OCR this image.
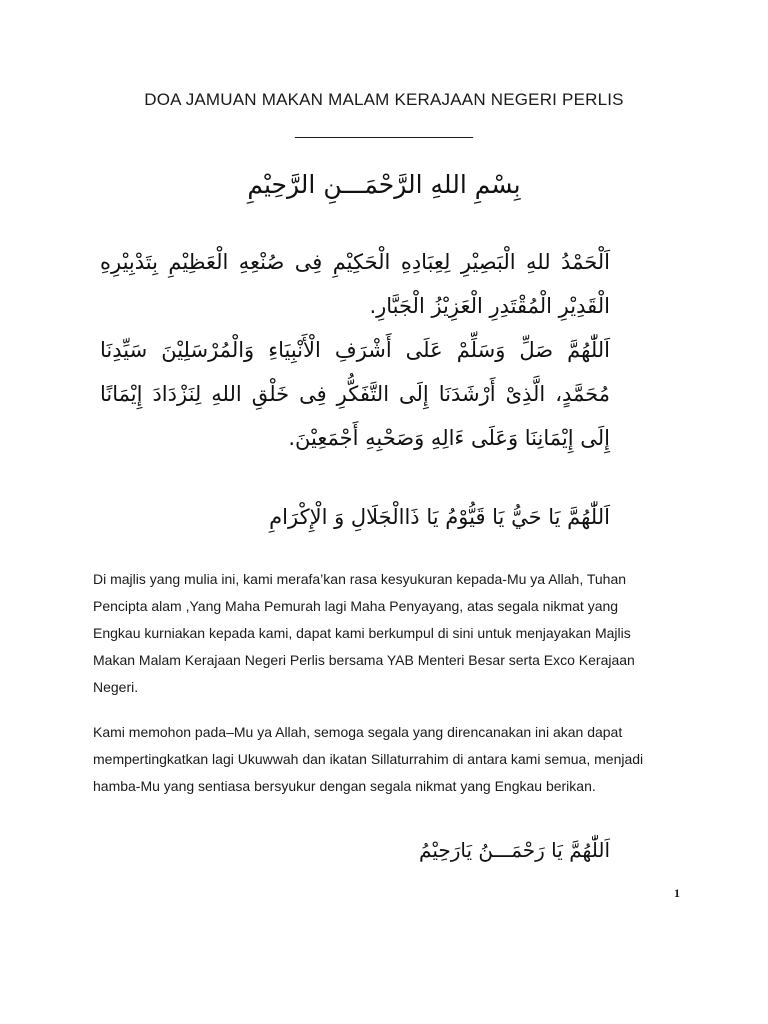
DOA JAMUAN MAKAN MALAM KERAJAAN NEGERI PERLIS
____________________
بِسْمِ اللهِ الرَّحْمَـــنِ الرَّحِيْمِ

اَلْحَمْدُ للهِ الْبَصِيْرِ لِعِبَادِهِ الْحَكِيْمِ فِى صُنْعِهِ الْعَظِيْمِ بِتَدْبِيْرِهِ الْقَدِيْرِ الْمُقْتَدِرِ الْعَزِيْزُ الْجَبَّارِ.

اَللّٰهُمَّ صَلِّ وَسَلِّمْ عَلَى أَشْرَفِ الْأَنْبِيَاءِ وَالْمُرْسَلِيْنَ سَيِّدِنَا مُحَمَّدٍ، الَّذِىْ أَرْشَدَنَا إِلَى التَّفَكُّرِ فِى خَلْقِ اللهِ لِنَزْدَادَ إِيْمَانًا إِلَى إِيْمَانِنَا وَعَلَى ءَالِهِ وَصَحْبِهِ أَجْمَعِيْنَ.

اَللّٰهُمَّ يَا حَيُّ يَا قَيُّوْمُ يَا ذَاالْجَلَالِ وَ الْإِكْرَامِ

Di majlis yang mulia ini, kami merafa’kan rasa kesyukuran kepada-Mu ya Allah, Tuhan Pencipta alam ,Yang Maha Pemurah lagi Maha Penyayang, atas segala nikmat yang Engkau kurniakan kepada kami, dapat kami berkumpul di sini untuk menjayakan Majlis Makan Malam Kerajaan Negeri Perlis bersama YAB Menteri Besar serta Exco Kerajaan Negeri.

Kami memohon pada–Mu ya Allah, semoga segala yang direncanakan ini akan dapat mempertingkatkan lagi Ukuwwah dan ikatan Sillaturrahim di antara kami semua, menjadi hamba-Mu yang sentiasa bersyukur dengan segala nikmat yang Engkau berikan.

اَللّٰهُمَّ يَا رَحْمَـــنُ يَارَحِيْمُ
1
